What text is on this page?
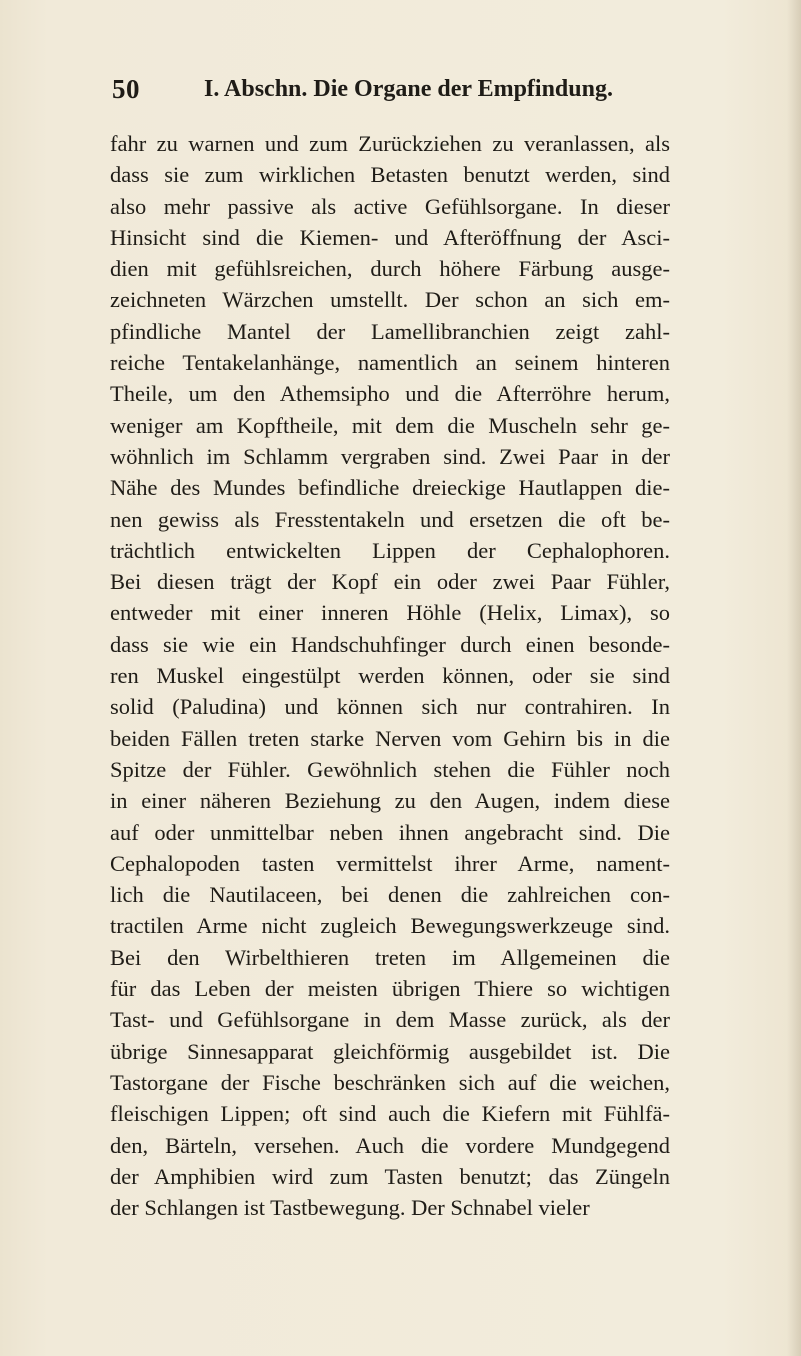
50	I. Abschn. Die Organe der Empfindung.
fahr zu warnen und zum Zurückziehen zu veranlassen, als
dass sie zum wirklichen Betasten benutzt werden, sind
also mehr passive als active Gefühlsorgane. In dieser
Hinsicht sind die Kiemen- und Afteröffnung der Asci-
dien mit gefühlsreichen, durch höhere Färbung ausge-
zeichneten Wärzchen umstellt. Der schon an sich em-
pfindliche Mantel der Lamellibranchien zeigt zahl-
reiche Tentakelanhänge, namentlich an seinem hinteren
Theile, um den Athemsipho und die Afterröhre herum,
weniger am Kopftheile, mit dem die Muscheln sehr ge-
wöhnlich im Schlamm vergraben sind. Zwei Paar in der
Nähe des Mundes befindliche dreieckige Hautlappen die-
nen gewiss als Fresstentakeln und ersetzen die oft be-
trächtlich entwickelten Lippen der Cephalophoren.
Bei diesen trägt der Kopf ein oder zwei Paar Fühler,
entweder mit einer inneren Höhle (Helix, Limax), so
dass sie wie ein Handschuhfinger durch einen besonde-
ren Muskel eingestülpt werden können, oder sie sind
solid (Paludina) und können sich nur contrahiren. In
beiden Fällen treten starke Nerven vom Gehirn bis in die
Spitze der Fühler. Gewöhnlich stehen die Fühler noch
in einer näheren Beziehung zu den Augen, indem diese
auf oder unmittelbar neben ihnen angebracht sind. Die
Cephalopoden tasten vermittelst ihrer Arme, nament-
lich die Nautilaceen, bei denen die zahlreichen con-
tractilen Arme nicht zugleich Bewegungswerkzeuge sind.
Bei den Wirbelthieren treten im Allgemeinen die
für das Leben der meisten übrigen Thiere so wichtigen
Tast- und Gefühlsorgane in dem Masse zurück, als der
übrige Sinnesapparat gleichförmig ausgebildet ist. Die
Tastorgane der Fische beschränken sich auf die weichen,
fleischigen Lippen; oft sind auch die Kiefern mit Fühlfä-
den, Bärteln, versehen. Auch die vordere Mundgegend
der Amphibien wird zum Tasten benutzt; das Züngeln
der Schlangen ist Tastbewegung. Der Schnabel vieler
